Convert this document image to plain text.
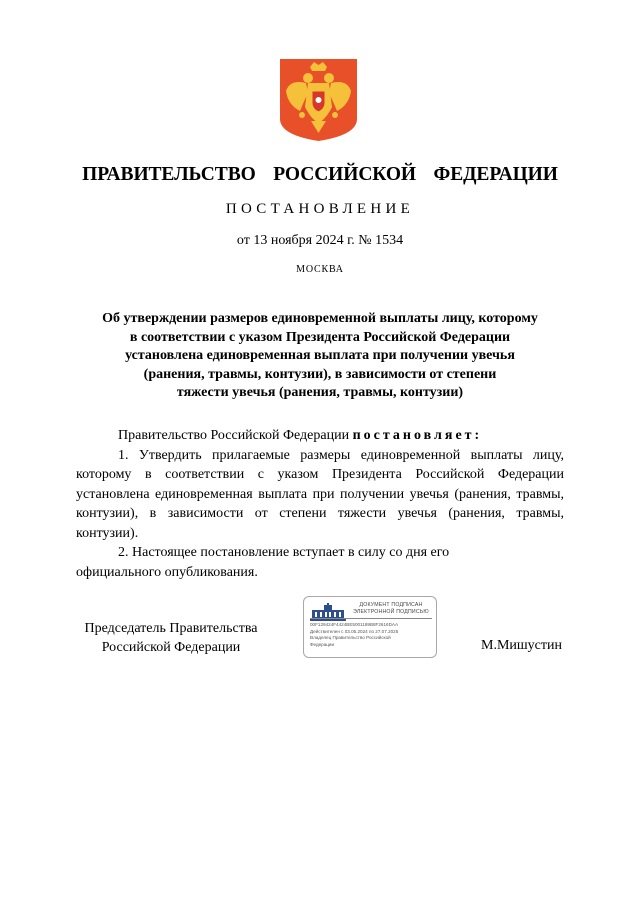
ПРАВИТЕЛЬСТВО  РОССИЙСКОЙ  ФЕДЕРАЦИИ
ПОСТАНОВЛЕНИЕ
от 13 ноября 2024 г. № 1534
МОСКВА
Об утверждении размеров единовременной выплаты лицу, которому
в соответствии с указом Президента Российской Федерации
установлена единовременная выплата при получении увечья
(ранения, травмы, контузии), в зависимости от степени
тяжести увечья (ранения, травмы, контузии)

Правительство Российской Федерации постановляет:

1. Утвердить прилагаемые размеры единовременной выплаты лицу, которому в соответствии с указом Президента Российской Федерации установлена единовременная выплата при получении увечья (ранения, травмы, контузии), в зависимости от степени тяжести увечья (ранения, травмы, контузии).

2. Настоящее постановление вступает в силу со дня его

официального опубликования.

Председатель Правительства
Российской Федерации
ДОКУМЕНТ ПОДПИСАН
ЭЛЕКТРОННОЙ ПОДПИСЬЮ
00F129424F4424BE5001189B8F2616DAA
Действителен с 03.05.2024 по 27.07.2025
Владелец Правительство Российской
Федерации	М.Мишустин
